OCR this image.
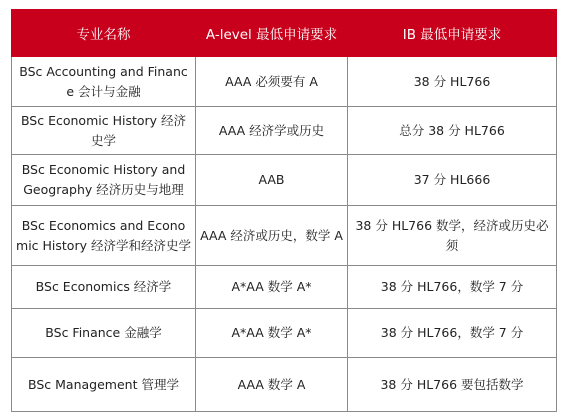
专业名称	A-level 最低申请要求	IB 最低申请要求
BSc Accounting and Finance 会计与金融	AAA 必须要有 A	38 分 HL766
BSc Economic History 经济史学	AAA 经济学或历史	总分 38 分 HL766
BSc Economic History and Geography 经济历史与地理	AAB	37 分 HL666
BSc Economics and Economic History 经济学和经济史学	AAA 经济或历史，数学 A	38 分 HL766 数学，经济或历史必须
BSc Economics 经济学	A*AA 数学 A*	38 分 HL766，数学 7 分
BSc Finance 金融学	A*AA 数学 A*	38 分 HL766，数学 7 分
BSc Management 管理学	AAA 数学 A	38 分 HL766 要包括数学
